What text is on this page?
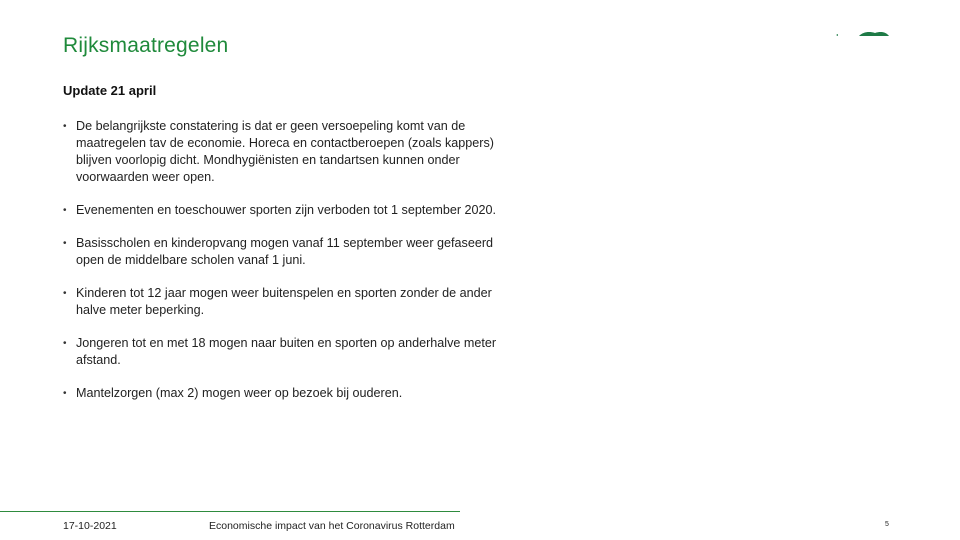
Rijksmaatregelen
Update 21 april
• De belangrijkste constatering is dat er geen versoepeling komt van de maatregelen tav de economie. Horeca en contactberoepen (zoals kappers) blijven voorlopig dicht. Mondhygiënisten en tandartsen kunnen onder voorwaarden weer open.
• Evenementen en toeschouwer sporten zijn verboden tot 1 september 2020.
• Basisscholen en kinderopvang mogen vanaf 11 september weer gefaseerd open de middelbare scholen vanaf 1 juni.
• Kinderen tot 12 jaar mogen weer buitenspelen en sporten zonder de ander halve meter beperking.
• Jongeren tot en met 18 mogen naar buiten en sporten op anderhalve meter afstand.
• Mantelzorgen (max 2) mogen weer op bezoek bij ouderen.
17-10-2021	Economische impact van het Coronavirus Rotterdam	5
